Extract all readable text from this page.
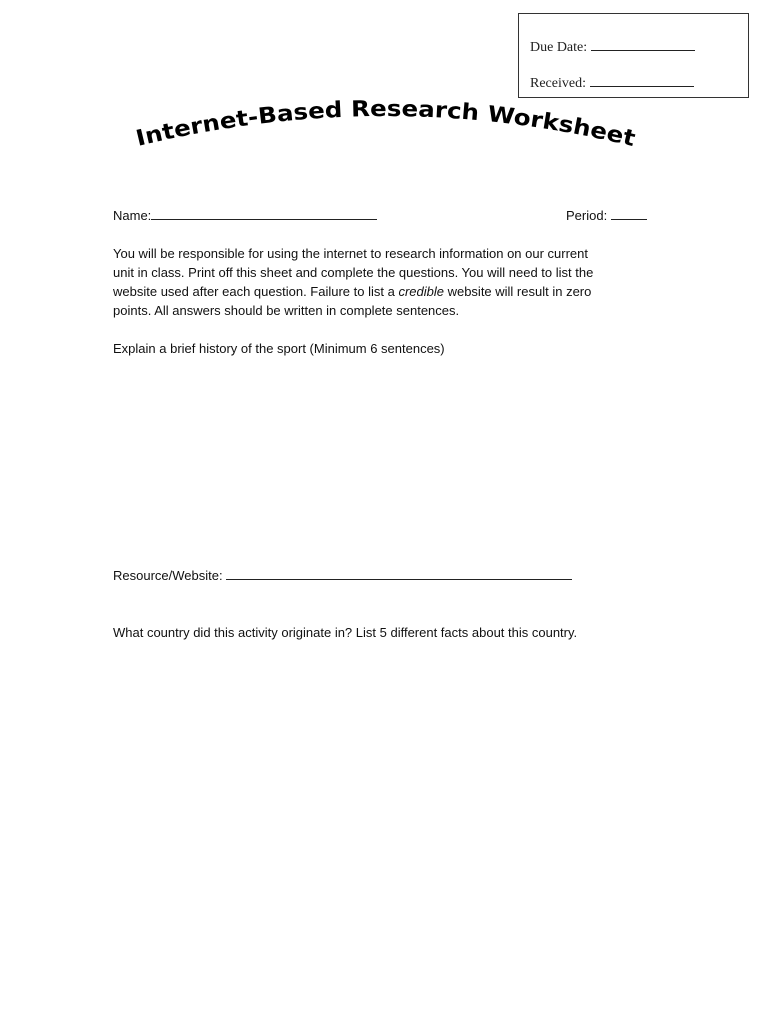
Due Date:
Received:
Internet-Based Research Worksheet
Name:	Period:
You will be responsible for using the internet to research information on our current
unit in class. Print off this sheet and complete the questions. You will need to list the
website used after each question. Failure to list a credible website will result in zero
points. All answers should be written in complete sentences.
Explain a brief history of the sport (Minimum 6 sentences)
Resource/Website:
What country did this activity originate in? List 5 different facts about this country.
